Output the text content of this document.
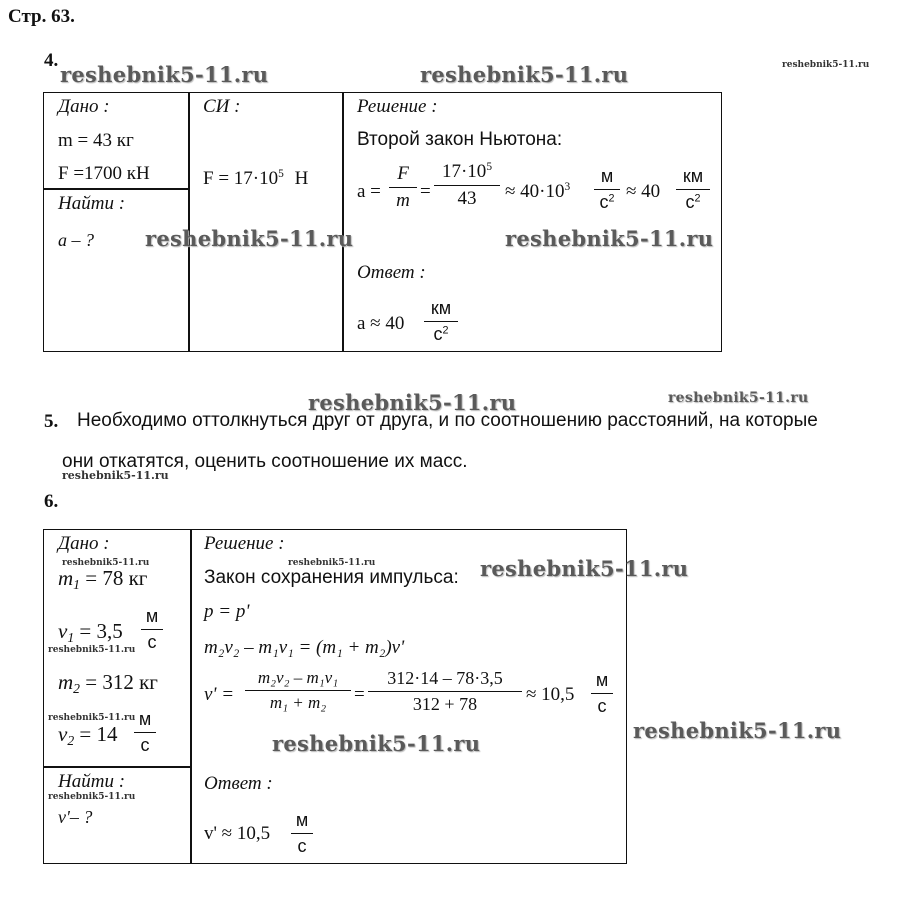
Стр. 63.
4.
Дано :
m = 43 кг
F =1700 кН
Найти :
a – ?
СИ :
$F = 17\cdot 10^5$ Н
Решение :
Второй закон Ньютона:
a =
F
m =
$17\cdot 10^5$
43	≈ $40\cdot 10^3$
м
$с^2 \approx 40$
км
$с^2$
Ответ :
a ≈ 40
км
$с^2$
5. Необходимо оттолкнуться друг от друга, и по соотношению расстояний, на которые
они откатятся, оценить соотношение их масс.
6.
Дано :
$m_1 = 78$ кг
$v_1 = 3,5$
м
с
$m_2 = 312$ кг
$v_2 = 14$
м
с
Найти :
v'– ?
Решение :
Закон сохранения импульса:
p = p'
m₂v₂ – m₁v₁ = (m₁ + m₂)v'
v' =
m₂v₂ – m₁v₁
m₁ + m₂	=
312·14 – 78·3,5
312 + 78	≈ 10,5
м
с
Ответ :
v' ≈ 10,5
м
с
reshebnik5-11.ru	reshebnik5-11.ru	reshebnik5-11.ru
reshebnik5-11.ru	reshebnik5-11.ru
reshebnik5-11.ru	reshebnik5-11.ru
reshebnik5-11.ru
reshebnik5-11.ru	reshebnik5-11.ru	reshebnik5-11.ru
reshebnik5-11.ru
reshebnik5-11.ru
reshebnik5-11.ru
reshebnik5-11.ru
reshebnik5-11.ru
